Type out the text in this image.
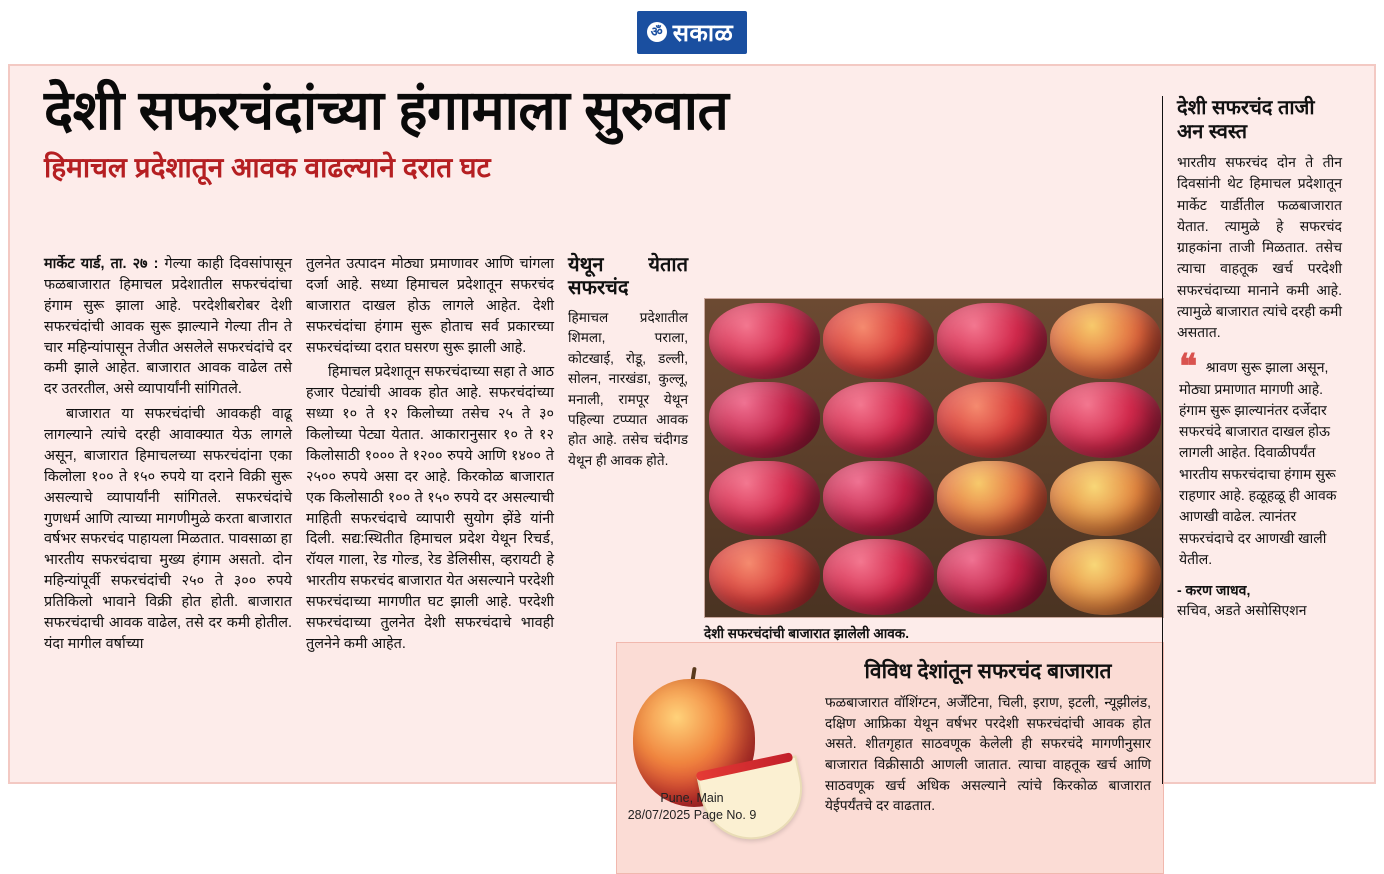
ॐ सकाळ
देशी सफरचंदांच्या हंगामाला सुरुवात
हिमाचल प्रदेशातून आवक वाढल्याने दरात घट

मार्केट यार्ड, ता. २७ : गेल्या काही दिवसांपासून फळबाजारात हिमाचल प्रदेशातील सफरचंदांचा हंगाम सुरू झाला आहे. परदेशीबरोबर देशी सफरचंदांची आवक सुरू झाल्याने गेल्या तीन ते चार महिन्यांपासून तेजीत असलेले सफरचंदांचे दर कमी झाले आहेत. बाजारात आवक वाढेल तसे दर उतरतील, असे व्यापार्यांनी सांगितले.

बाजारात या सफरचंदांची आवकही वाढू लागल्याने त्यांचे दरही आवाक्यात येऊ लागले असून, बाजारात हिमाचलच्या सफरचंदांना एका किलोला १०० ते १५० रुपये या दराने विक्री सुरू असल्याचे व्यापार्यांनी सांगितले. सफरचंदांचे गुणधर्म आणि त्याच्या मागणीमुळे करता बाजारात वर्षभर सफरचंद पाहायला मिळतात. पावसाळा हा भारतीय सफरचंदाचा मुख्य हंगाम असतो. दोन महिन्यांपूर्वी सफरचंदांची २५० ते ३०० रुपये प्रतिकिलो भावाने विक्री होत होती. बाजारात सफरचंदाची आवक वाढेल, तसे दर कमी होतील. यंदा मागील वर्षाच्या

तुलनेत उत्पादन मोठ्या प्रमाणावर आणि चांगला दर्जा आहे. सध्या हिमाचल प्रदेशातून सफरचंद बाजारात दाखल होऊ लागले आहेत. देशी सफरचंदांचा हंगाम सुरू होताच सर्व प्रकारच्या सफरचंदांच्या दरात घसरण सुरू झाली आहे.

हिमाचल प्रदेशातून सफरचंदाच्या सहा ते आठ हजार पेट्यांची आवक होत आहे. सफरचंदांच्या सध्या १० ते १२ किलोच्या तसेच २५ ते ३० किलोच्या पेट्या येतात. आकारानुसार १० ते १२ किलोसाठी १००० ते १२०० रुपये आणि १४०० ते २५०० रुपये असा दर आहे. किरकोळ बाजारात एक किलोसाठी १०० ते १५० रुपये दर असल्याची माहिती सफरचंदाचे व्यापारी सुयोग झेंडे यांनी दिली. सद्य:स्थितीत हिमाचल प्रदेश येथून रिचर्ड, रॉयल गाला, रेड गोल्ड, रेड डेलिसीस, व्हरायटी हे भारतीय सफरचंद बाजारात येत असल्याने परदेशी सफरचंदाच्या मागणीत घट झाली आहे. परदेशी सफरचंदाच्या तुलनेत देशी सफरचंदाचे भावही तुलनेने कमी आहेत.

येथून येतात सफरचंद

हिमाचल प्रदेशातील शिमला, पराला, कोटखाई, रोडू, डल्ली, सोलन, नारखंडा, कुल्लू, मनाली, रामपूर येथून पहिल्या टप्प्यात आवक होत आहे. तसेच चंदीगड येथून ही आवक होते.

देशी सफरचंदांची बाजारात झालेली आवक.
विविध देशांतून सफरचंद बाजारात
फळबाजारात वॉशिंग्टन, अर्जेंटिना, चिली, इराण, इटली, न्यूझीलंड, दक्षिण आफ्रिका येथून वर्षभर परदेशी सफरचंदांची आवक होत असते. शीतगृहात साठवणूक केलेली ही सफरचंदे मागणीनुसार बाजारात विक्रीसाठी आणली जातात. त्याचा वाहतूक खर्च आणि साठवणूक खर्च अधिक असल्याने त्यांचे किरकोळ बाजारात येईपर्यंतचे दर वाढतात.
देशी सफरचंद ताजी अन स्वस्त
भारतीय सफरचंद दोन ते तीन दिवसांनी थेट हिमाचल प्रदेशातून मार्केट यार्डीतील फळबाजारात येतात. त्यामुळे हे सफरचंद ग्राहकांना ताजी मिळतात. तसेच त्याचा वाहतूक खर्च परदेशी सफरचंदाच्या मानाने कमी आहे. त्यामुळे बाजारात त्यांचे दरही कमी असतात.
❝ श्रावण सुरू झाला असून, मोठ्या प्रमाणात मागणी आहे. हंगाम सुरू झाल्यानंतर दर्जेदार सफरचंदे बाजारात दाखल होऊ लागली आहेत. दिवाळीपर्यंत भारतीय सफरचंदाचा हंगाम सुरू राहणार आहे. हळूहळू ही आवक आणखी वाढेल. त्यानंतर सफरचंदाचे दर आणखी खाली येतील.
- करण जाधव,
सचिव, अडते असोसिएशन
Pune, Main
28/07/2025 Page No. 9
